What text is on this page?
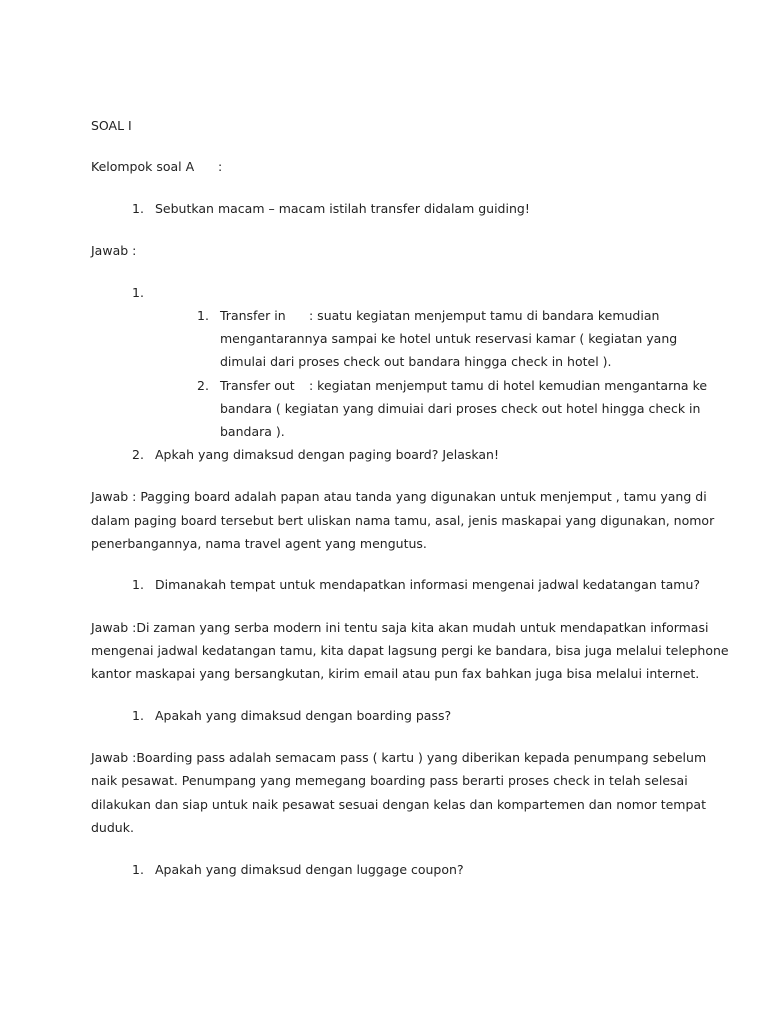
SOAL I
Kelompok soal A :
1. Sebutkan macam – macam istilah transfer didalam guiding!
Jawab :
1.
1. Transfer in : suatu kegiatan menjemput tamu di bandara kemudian
mengantarannya sampai ke hotel untuk reservasi kamar ( kegiatan yang
dimulai dari proses check out bandara hingga check in hotel ).
2. Transfer out : kegiatan menjemput tamu di hotel kemudian mengantarna ke
bandara ( kegiatan yang dimuiai dari proses check out hotel hingga check in
bandara ).
2. Apkah yang dimaksud dengan paging board? Jelaskan!
Jawab : Pagging board adalah papan atau tanda yang digunakan untuk menjemput , tamu yang di
dalam paging board tersebut bert uliskan nama tamu, asal, jenis maskapai yang digunakan, nomor
penerbangannya, nama travel agent yang mengutus.
1. Dimanakah tempat untuk mendapatkan informasi mengenai jadwal kedatangan tamu?
Jawab :Di zaman yang serba modern ini tentu saja kita akan mudah untuk mendapatkan informasi
mengenai jadwal kedatangan tamu, kita dapat lagsung pergi ke bandara, bisa juga melalui telephone
kantor maskapai yang bersangkutan, kirim email atau pun fax bahkan juga bisa melalui internet.
1. Apakah yang dimaksud dengan boarding pass?
Jawab :Boarding pass adalah semacam pass ( kartu ) yang diberikan kepada penumpang sebelum
naik pesawat. Penumpang yang memegang boarding pass berarti proses check in telah selesai
dilakukan dan siap untuk naik pesawat sesuai dengan kelas dan kompartemen dan nomor tempat
duduk.
1. Apakah yang dimaksud dengan luggage coupon?
